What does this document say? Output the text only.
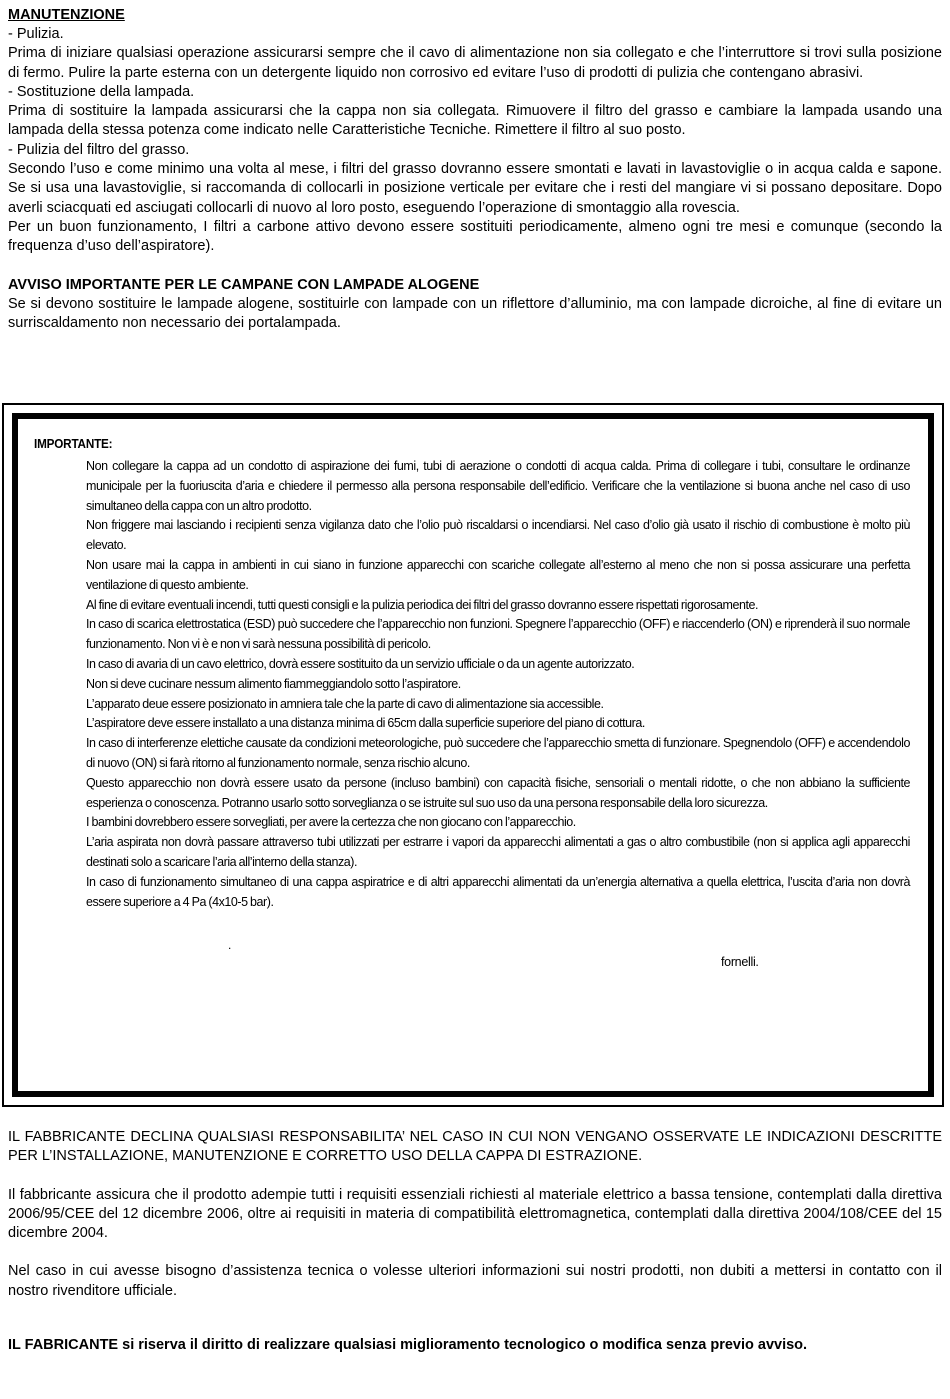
MANUTENZIONE

- Pulizia.

Prima di iniziare qualsiasi operazione assicurarsi sempre che il cavo di alimentazione non sia collegato e che l’interruttore si trovi sulla posizione di fermo. Pulire la parte esterna con un detergente liquido non corrosivo ed evitare l’uso di prodotti di pulizia che contengano abrasivi.

- Sostituzione della lampada.

Prima di sostituire la lampada assicurarsi che la cappa non sia collegata. Rimuovere il filtro del grasso e cambiare la lampada usando una lampada della stessa potenza come indicato nelle Caratteristiche Tecniche. Rimettere il filtro al suo posto.

- Pulizia del filtro del grasso.

Secondo l’uso e come minimo una volta al mese, i filtri del grasso dovranno essere smontati e lavati in lavastoviglie o in acqua calda e sapone. Se si usa una lavastoviglie, si raccomanda di collocarli in posizione verticale per evitare che i resti del mangiare vi si possano depositare. Dopo averli sciacquati ed asciugati collocarli di nuovo al loro posto, eseguendo l’operazione di smontaggio alla rovescia.

Per un buon funzionamento, I filtri a carbone attivo devono essere sostituiti periodicamente, almeno ogni tre mesi e comunque (secondo la frequenza d’uso dell’aspiratore).

AVVISO IMPORTANTE PER LE CAMPANE CON LAMPADE ALOGENE

Se si devono sostituire le lampade alogene, sostituirle con lampade con un riflettore d’alluminio, ma con lampade dicroiche, al fine di evitare un surriscaldamento non necessario dei portalampada.

IMPORTANTE:

Non collegare la cappa ad un condotto di aspirazione dei fumi, tubi di aerazione o condotti di acqua calda. Prima di collegare i tubi, consultare le ordinanze municipale per la fuoriuscita d’aria e chiedere il permesso alla persona responsabile dell’edificio. Verificare che la ventilazione si buona anche nel caso di uso simultaneo della cappa con un altro prodotto.
Non friggere mai lasciando i recipienti senza vigilanza dato che l’olio può riscaldarsi o incendiarsi. Nel caso d’olio già usato il rischio di combustione è molto più elevato.
Non usare mai la cappa in ambienti in cui siano in funzione apparecchi con scariche collegate all’esterno al meno che non si possa assicurare una perfetta ventilazione di questo ambiente.
Al fine di evitare eventuali incendi, tutti questi consigli e la pulizia periodica dei filtri del grasso dovranno essere rispettati rigorosamente.
In caso di scarica elettrostatica (ESD) può succedere che l’apparecchio non funzioni. Spegnere l’apparecchio (OFF) e riaccenderlo (ON) e riprenderà il suo normale funzionamento. Non vi è e non vi sarà nessuna possibilità di pericolo.
In caso di avaria di un cavo elettrico, dovrà essere sostituito da un servizio ufficiale o da un agente autorizzato.
Non si deve cucinare nessum alimento fiammeggiandolo sotto l’aspiratore.
L’apparato deue essere posizionato in amniera tale che la parte di cavo di alimentazione sia accessible.
L’aspiratore deve essere installato a una distanza minima di 65cm dalla superficie superiore del piano di cottura.
In caso di interferenze elettiche causate da condizioni meteorologiche, può succedere che l’apparecchio smetta di funzionare. Spegnendolo (OFF) e accendendolo di nuovo (ON) si farà ritorno al funzionamento normale, senza rischio alcuno.
Questo apparecchio non dovrà essere usato da persone (incluso bambini) con capacità fisiche, sensoriali o mentali ridotte, o che non abbiano la sufficiente esperienza o conoscenza. Potranno usarlo sotto sorveglianza o se istruite sul suo uso da una persona responsabile della loro sicurezza.
I bambini dovrebbero essere sorvegliati, per avere la certezza che non giocano con l’apparecchio.
L’aria aspirata non dovrà passare attraverso tubi utilizzati per estrarre i vapori da apparecchi alimentati a gas o altro combustibile (non si applica agli apparecchi destinati solo a scaricare l’aria all’interno della stanza).
In caso di funzionamento simultaneo di una cappa aspiratrice e di altri apparecchi alimentati da un’energia alternativa a quella elettrica, l’uscita d’aria non dovrà essere superiore a 4 Pa (4x10-5 bar).
.
fornelli.

IL FABBRICANTE DECLINA QUALSIASI RESPONSABILITA’ NEL CASO IN CUI NON VENGANO OSSERVATE LE INDICAZIONI DESCRITTE PER L’INSTALLAZIONE, MANUTENZIONE E CORRETTO USO DELLA CAPPA DI ESTRAZIONE.

Il fabbricante assicura che il prodotto adempie tutti i requisiti essenziali richiesti al materiale elettrico a bassa tensione, contemplati dalla direttiva 2006/95/CEE del 12 dicembre 2006, oltre ai requisiti in materia di compatibilità elettromagnetica, contemplati dalla direttiva 2004/108/CEE del 15 dicembre 2004.

Nel caso in cui avesse bisogno d’assistenza tecnica o volesse ulteriori informazioni sui nostri prodotti, non dubiti a mettersi in contatto con il nostro rivenditore ufficiale.

IL FABRICANTE si riserva il diritto di realizzare qualsiasi miglioramento tecnologico o modifica senza previo avviso.
